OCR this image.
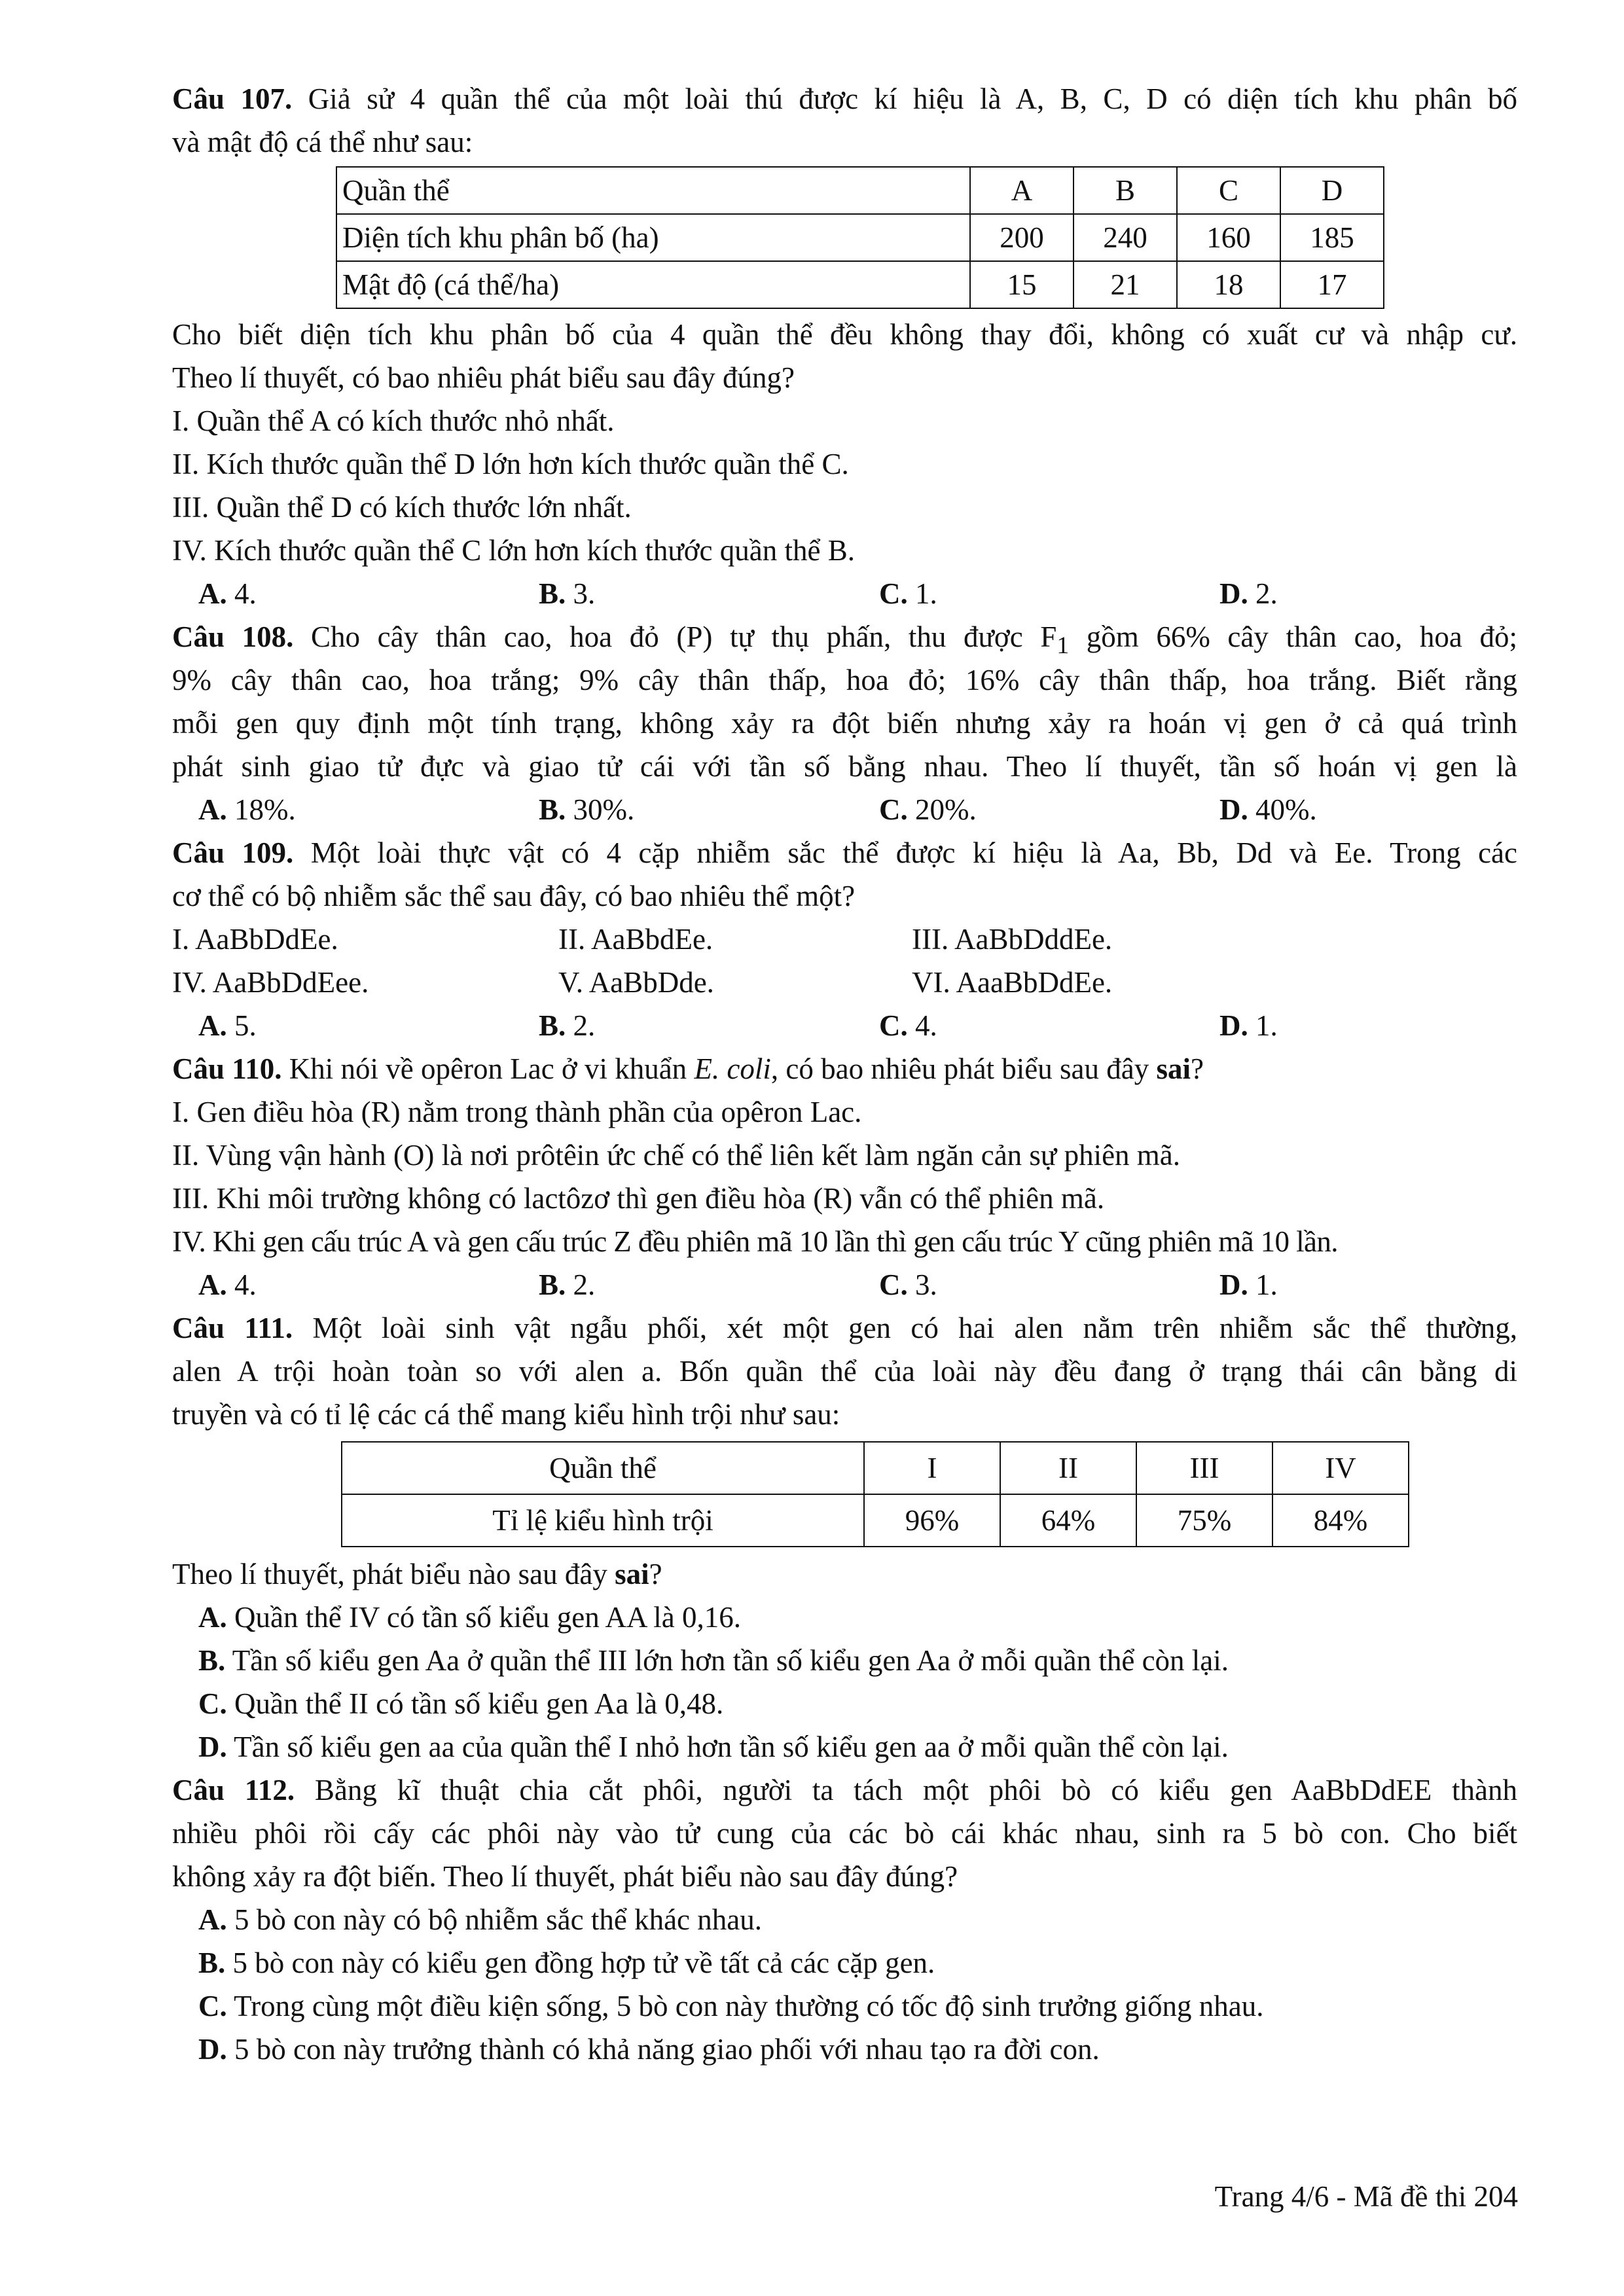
Câu 107. Giả sử 4 quần thể của một loài thú được kí hiệu là A, B, C, D có diện tích khu phân bố
và mật độ cá thể như sau:
Quần thể	A	B	C	D
Diện tích khu phân bố (ha)	200	240	160	185
Mật độ (cá thể/ha)	15	21	18	17
Cho biết diện tích khu phân bố của 4 quần thể đều không thay đổi, không có xuất cư và nhập cư.
Theo lí thuyết, có bao nhiêu phát biểu sau đây đúng?
I. Quần thể A có kích thước nhỏ nhất.
II. Kích thước quần thể D lớn hơn kích thước quần thể C.
III. Quần thể D có kích thước lớn nhất.
IV. Kích thước quần thể C lớn hơn kích thước quần thể B.
A. 4.	B. 3.	C. 1.	D. 2.
Câu 108. Cho cây thân cao, hoa đỏ (P) tự thụ phấn, thu được $F_1$ gồm 66% cây thân cao, hoa đỏ;
9% cây thân cao, hoa trắng; 9% cây thân thấp, hoa đỏ; 16% cây thân thấp, hoa trắng. Biết rằng
mỗi gen quy định một tính trạng, không xảy ra đột biến nhưng xảy ra hoán vị gen ở cả quá trình
phát sinh giao tử đực và giao tử cái với tần số bằng nhau. Theo lí thuyết, tần số hoán vị gen là
A. 18%.	B. 30%.	C. 20%.	D. 40%.
Câu 109. Một loài thực vật có 4 cặp nhiễm sắc thể được kí hiệu là Aa, Bb, Dd và Ee. Trong các
cơ thể có bộ nhiễm sắc thể sau đây, có bao nhiêu thể một?
I. AaBbDdEe.	II. AaBbdEe.	III. AaBbDddEe.
IV. AaBbDdEee.	V. AaBbDde.	VI. AaaBbDdEe.
A. 5.	B. 2.	C. 4.	D. 1.
Câu 110. Khi nói về opêron Lac ở vi khuẩn E. coli, có bao nhiêu phát biểu sau đây sai?
I. Gen điều hòa (R) nằm trong thành phần của opêron Lac.
II. Vùng vận hành (O) là nơi prôtêin ức chế có thể liên kết làm ngăn cản sự phiên mã.
III. Khi môi trường không có lactôzơ thì gen điều hòa (R) vẫn có thể phiên mã.
IV. Khi gen cấu trúc A và gen cấu trúc Z đều phiên mã 10 lần thì gen cấu trúc Y cũng phiên mã 10 lần.
A. 4.	B. 2.	C. 3.	D. 1.
Câu 111. Một loài sinh vật ngẫu phối, xét một gen có hai alen nằm trên nhiễm sắc thể thường,
alen A trội hoàn toàn so với alen a. Bốn quần thể của loài này đều đang ở trạng thái cân bằng di
truyền và có tỉ lệ các cá thể mang kiểu hình trội như sau:
Quần thể	I	II	III	IV
Tỉ lệ kiểu hình trội	96%	64%	75%	84%
Theo lí thuyết, phát biểu nào sau đây sai?
A. Quần thể IV có tần số kiểu gen AA là 0,16.
B. Tần số kiểu gen Aa ở quần thể III lớn hơn tần số kiểu gen Aa ở mỗi quần thể còn lại.
C. Quần thể II có tần số kiểu gen Aa là 0,48.
D. Tần số kiểu gen aa của quần thể I nhỏ hơn tần số kiểu gen aa ở mỗi quần thể còn lại.
Câu 112. Bằng kĩ thuật chia cắt phôi, người ta tách một phôi bò có kiểu gen AaBbDdEE thành
nhiều phôi rồi cấy các phôi này vào tử cung của các bò cái khác nhau, sinh ra 5 bò con. Cho biết
không xảy ra đột biến. Theo lí thuyết, phát biểu nào sau đây đúng?
A. 5 bò con này có bộ nhiễm sắc thể khác nhau.
B. 5 bò con này có kiểu gen đồng hợp tử về tất cả các cặp gen.
C. Trong cùng một điều kiện sống, 5 bò con này thường có tốc độ sinh trưởng giống nhau.
D. 5 bò con này trưởng thành có khả năng giao phối với nhau tạo ra đời con.
Trang 4/6 - Mã đề thi 204
